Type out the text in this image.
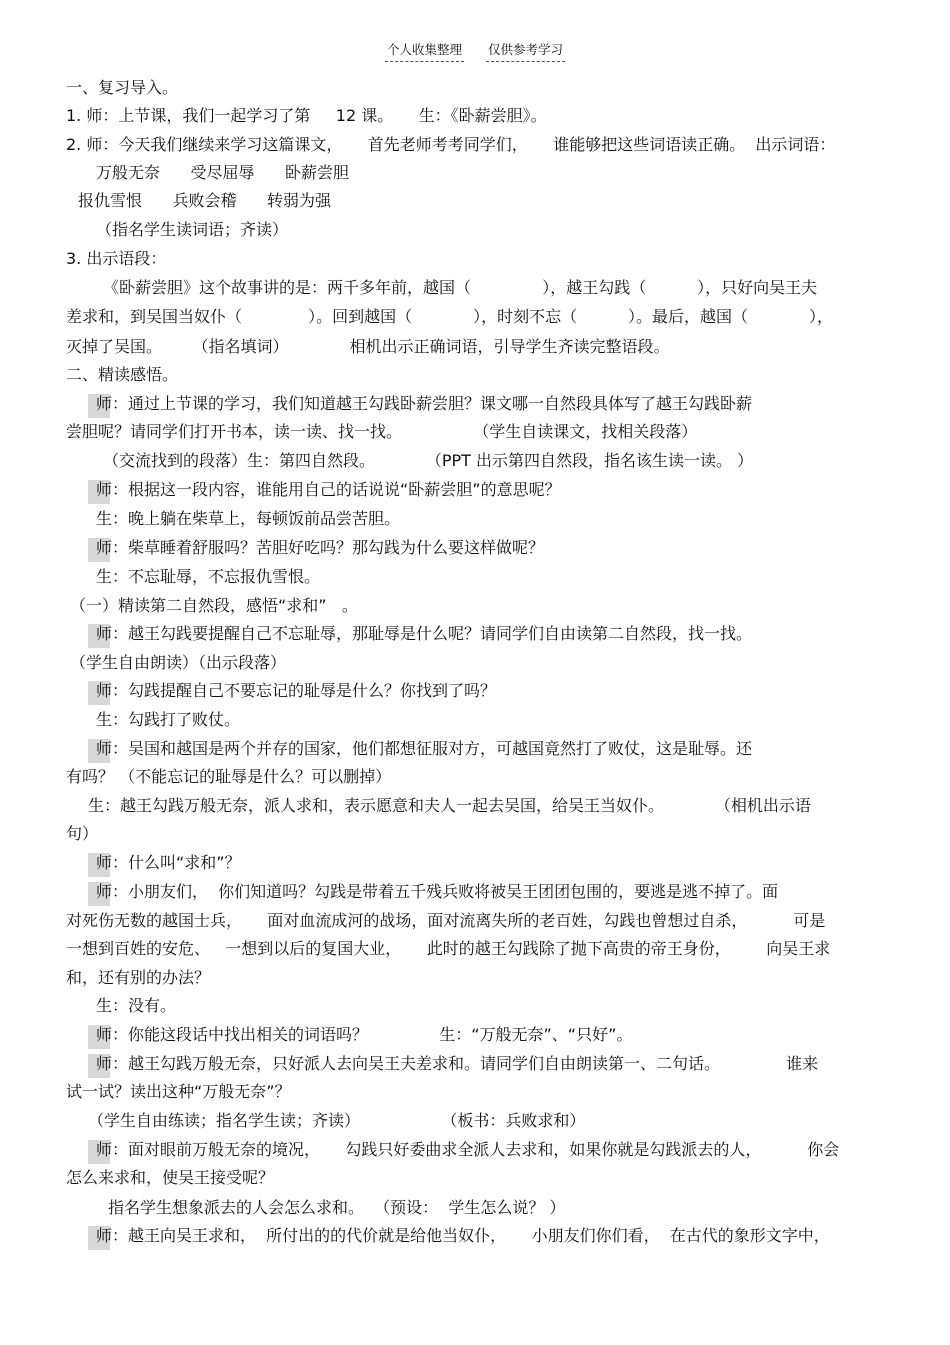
个人收集整理 仅供参考学习
一、复习导入。
1. 师：上节课，我们一起学习了第     12 课。     生：《卧薪尝胆》。
2. 师：今天我们继续来学习这篇课文，     首先老师考考同学们，     谁能够把这些词语读正确。  出示词语：
万般无奈      受尽屈辱      卧薪尝胆
报仇雪恨      兵败会稽      转弱为强
（指名学生读词语；齐读）
3. 出示语段：
《卧薪尝胆》这个故事讲的是：两千多年前，越国（              ），越王勾践（          ），只好向吴王夫
差求和，到吴国当奴仆（             ）。回到越国（            ），时刻不忘（          ）。最后，越国（            ），
灭掉了吴国。      （指名填词）            相机出示正确词语，引导学生齐读完整语段。
二、精读感悟。
师：通过上节课的学习，我们知道越王勾践卧薪尝胆？课文哪一自然段具体写了越王勾践卧薪
尝胆呢？请同学们打开书本，读一读、找一找。              （学生自读课文，找相关段落）
（交流找到的段落）生：第四自然段。          （PPT 出示第四自然段，指名该生读一读。 ）
师：根据这一段内容，谁能用自己的话说说“卧薪尝胆”的意思呢？
生：晚上躺在柴草上，每顿饭前品尝苦胆。
师：柴草睡着舒服吗？苦胆好吃吗？那勾践为什么要这样做呢？
生：不忘耻辱，不忘报仇雪恨。
（一）精读第二自然段，感悟“求和”   。
师：越王勾践要提醒自己不忘耻辱，那耻辱是什么呢？请同学们自由读第二自然段，找一找。
（学生自由朗读）（出示段落）
师：勾践提醒自己不要忘记的耻辱是什么？你找到了吗？
生：勾践打了败仗。
师：吴国和越国是两个并存的国家，他们都想征服对方，可越国竟然打了败仗，这是耻辱。还
有吗？ （不能忘记的耻辱是什么？可以删掉）
生：越王勾践万般无奈，派人求和，表示愿意和夫人一起去吴国，给吴王当奴仆。          （相机出示语
句）
师：什么叫“求和”？
师：小朋友们，  你们知道吗？勾践是带着五千残兵败将被吴王团团包围的，要逃是逃不掉了。面
对死伤无数的越国士兵，     面对血流成河的战场，面对流离失所的老百姓，勾践也曾想过自杀，         可是
一想到百姓的安危、   一想到以后的复国大业，     此时的越王勾践除了抛下高贵的帝王身份，       向吴王求
和，还有别的办法？
生：没有。
师：你能这段话中找出相关的词语吗？              生：“万般无奈”、“只好”。
师：越王勾践万般无奈，只好派人去向吴王夫差求和。请同学们自由朗读第一、二句话。             谁来
试一试？读出这种“万般无奈”？
（学生自由练读；指名学生读；齐读）                （板书：兵败求和）
师：面对眼前万般无奈的境况，     勾践只好委曲求全派人去求和，如果你就是勾践派去的人，         你会
怎么来求和，使吴王接受呢？
指名学生想象派去的人会怎么求和。  （预设：  学生怎么说？ ）
师：越王向吴王求和，  所付出的的代价就是给他当奴仆，     小朋友们你们看，  在古代的象形文字中，
